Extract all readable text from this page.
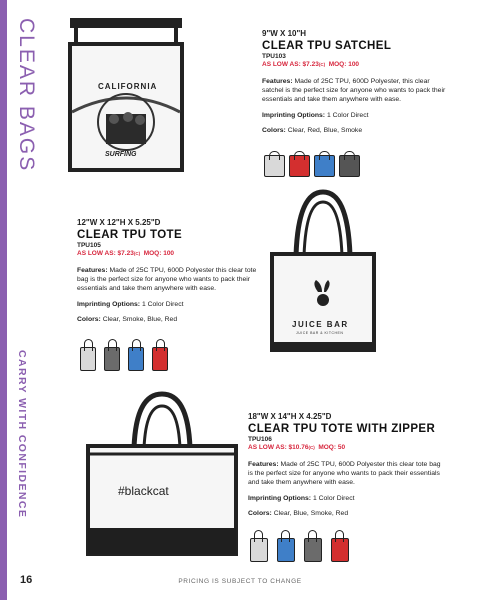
CLEAR BAGS
CARRY WITH CONFIDENCE
CALIFORNIA
SURFING
9"W X 10"H
CLEAR TPU SATCHEL
TPU103
AS LOW AS: $7.23(C) MOQ: 100
Features: Made of 25C TPU, 600D Polyester, this clear satchel is the perfect size for anyone who wants to pack their essentials and take them anywhere with ease.
Imprinting Options: 1 Color Direct
Colors: Clear, Red, Blue, Smoke
JUICE BAR
JUICE BAR & KITCHEN
12"W X 12"H X 5.25"D
CLEAR TPU TOTE
TPU105
AS LOW AS: $7.23(C) MOQ: 100
Features: Made of 25C TPU, 600D Polyester this clear tote bag is the perfect size for anyone who wants to pack their essentials and take them anywhere with ease.
Imprinting Options: 1 Color Direct
Colors: Clear, Smoke, Blue, Red
#blackcat
18"W X 14"H X 4.25"D
CLEAR TPU TOTE WITH ZIPPER
TPU106
AS LOW AS: $10.76(C) MOQ: 50
Features: Made of 25C TPU, 600D Polyester this clear tote bag is the perfect size for anyone who wants to pack their essentials and take them anywhere with ease.
Imprinting Options: 1 Color Direct
Colors: Clear, Blue, Smoke, Red
16	PRICING IS SUBJECT TO CHANGE
